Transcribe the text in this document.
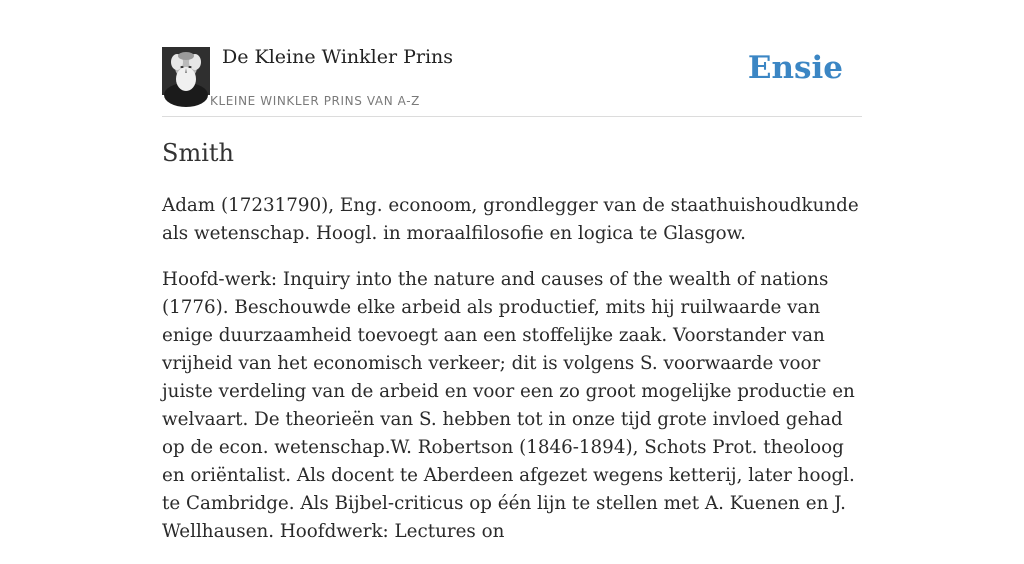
De Kleine Winkler Prins
KLEINE WINKLER PRINS VAN A-Z
Ensie
Smith

Adam (17231790), Eng. econoom, grondlegger van de staathuishoudkunde als wetenschap. Hoogl. in moraalfilosofie en logica te Glasgow.

Hoofd-werk: Inquiry into the nature and causes of the wealth of nations (1776). Beschouwde elke arbeid als productief, mits hij ruilwaarde van enige duurzaamheid toevoegt aan een stoffelijke zaak. Voorstander van vrijheid van het economisch verkeer; dit is volgens S. voorwaarde voor juiste verdeling van de arbeid en voor een zo groot mogelijke productie en welvaart. De theorieën van S. hebben tot in onze tijd grote invloed gehad op de econ. wetenschap.W. Robertson (1846-1894), Schots Prot. theoloog en oriëntalist. Als docent te Aberdeen afgezet wegens ketterij, later hoogl. te Cambridge. Als Bijbel-criticus op één lijn te stellen met A. Kuenen en J. Wellhausen. Hoofdwerk: Lectures on
